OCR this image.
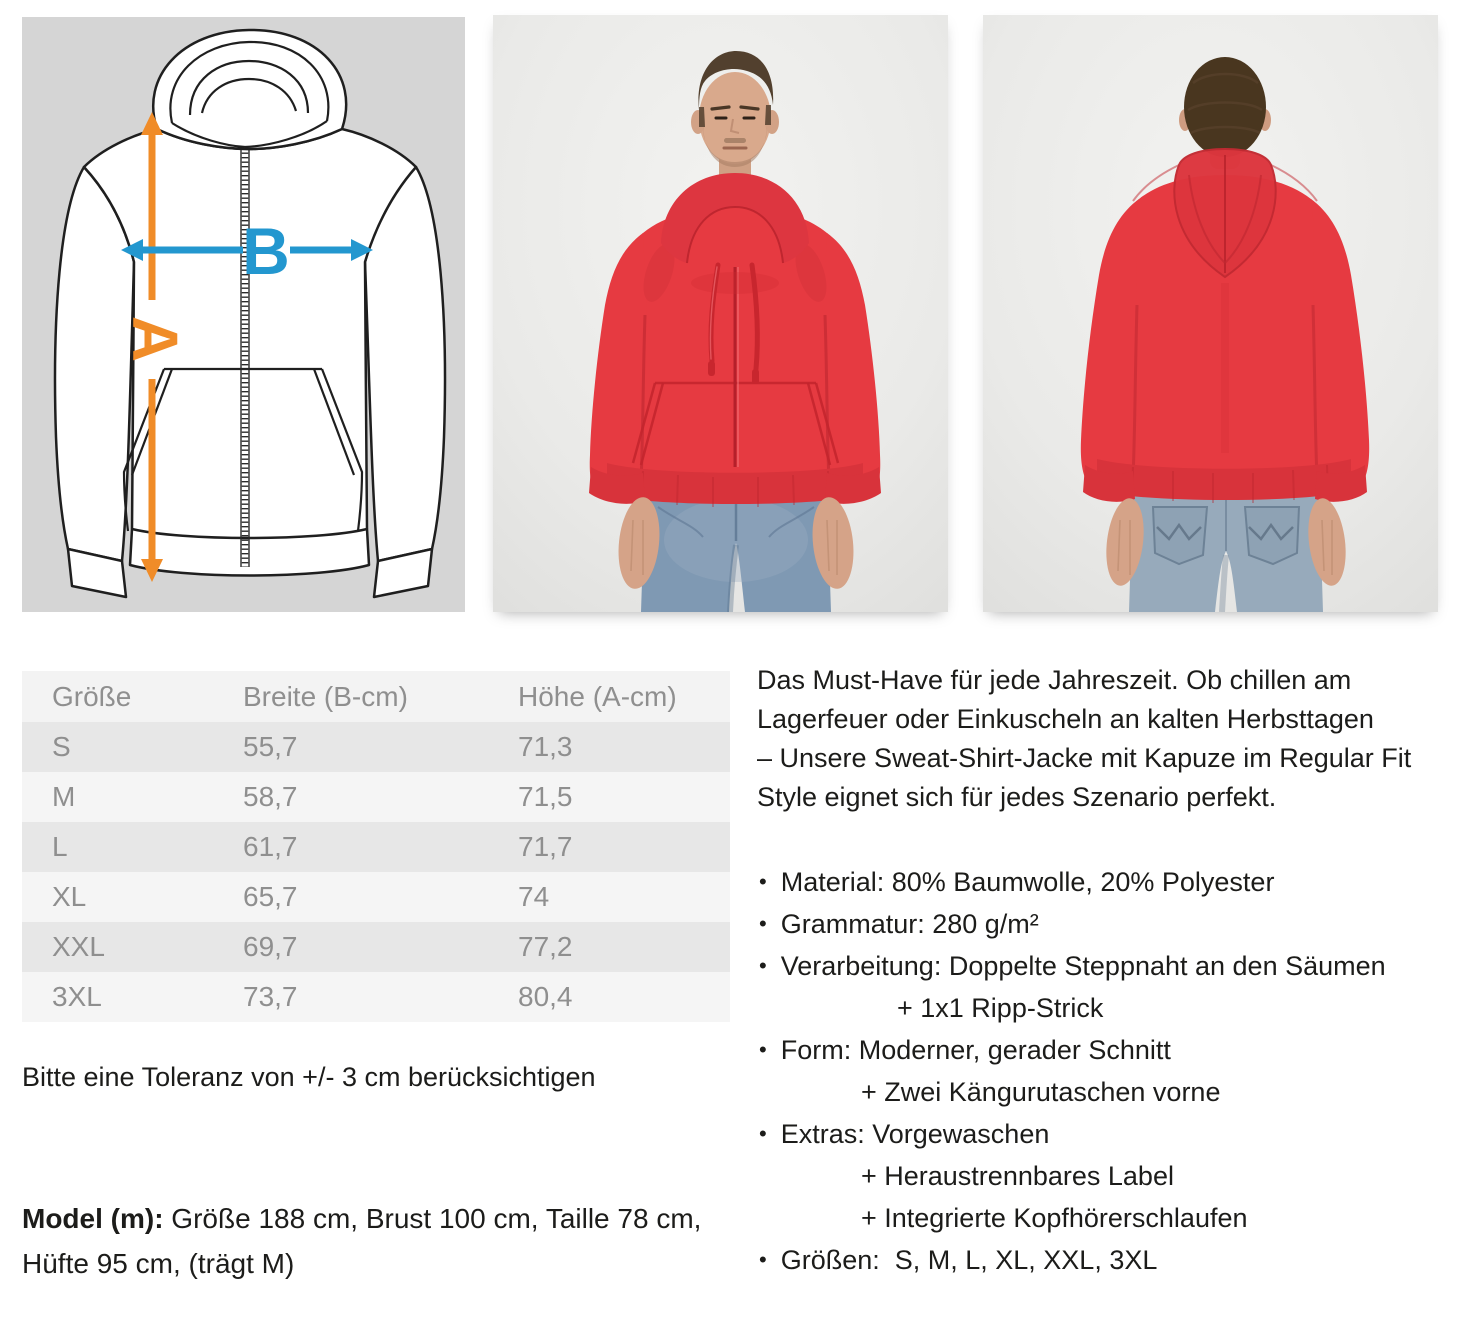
A
B
Größe	Breite (B-cm)	Höhe (A-cm)
S	55,7	71,3
M	58,7	71,5
L	61,7	71,7
XL	65,7	74
XXL	69,7	77,2
3XL	73,7	80,4
Bitte eine Toleranz von +/- 3 cm berücksichtigen
Model (m): Größe 188 cm, Brust 100 cm, Taille 78 cm, Hüfte 95 cm, (trägt M)
Das Must-Have für jede Jahreszeit. Ob chillen am
Lagerfeuer oder Einkuscheln an kalten Herbsttagen
– Unsere Sweat-Shirt-Jacke mit Kapuze im Regular Fit
Style eignet sich für jedes Szenario perfekt.
• Material: 80% Baumwolle, 20% Polyester
• Grammatur: 280 g/m²
• Verarbeitung: Doppelte Steppnaht an den Säumen
+ 1x1 Ripp-Strick
• Form: Moderner, gerader Schnitt
+ Zwei Kängurutaschen vorne
• Extras: Vorgewaschen
+ Heraustrennbares Label
+ Integrierte Kopfhörerschlaufen
• Größen:  S, M, L, XL, XXL, 3XL
